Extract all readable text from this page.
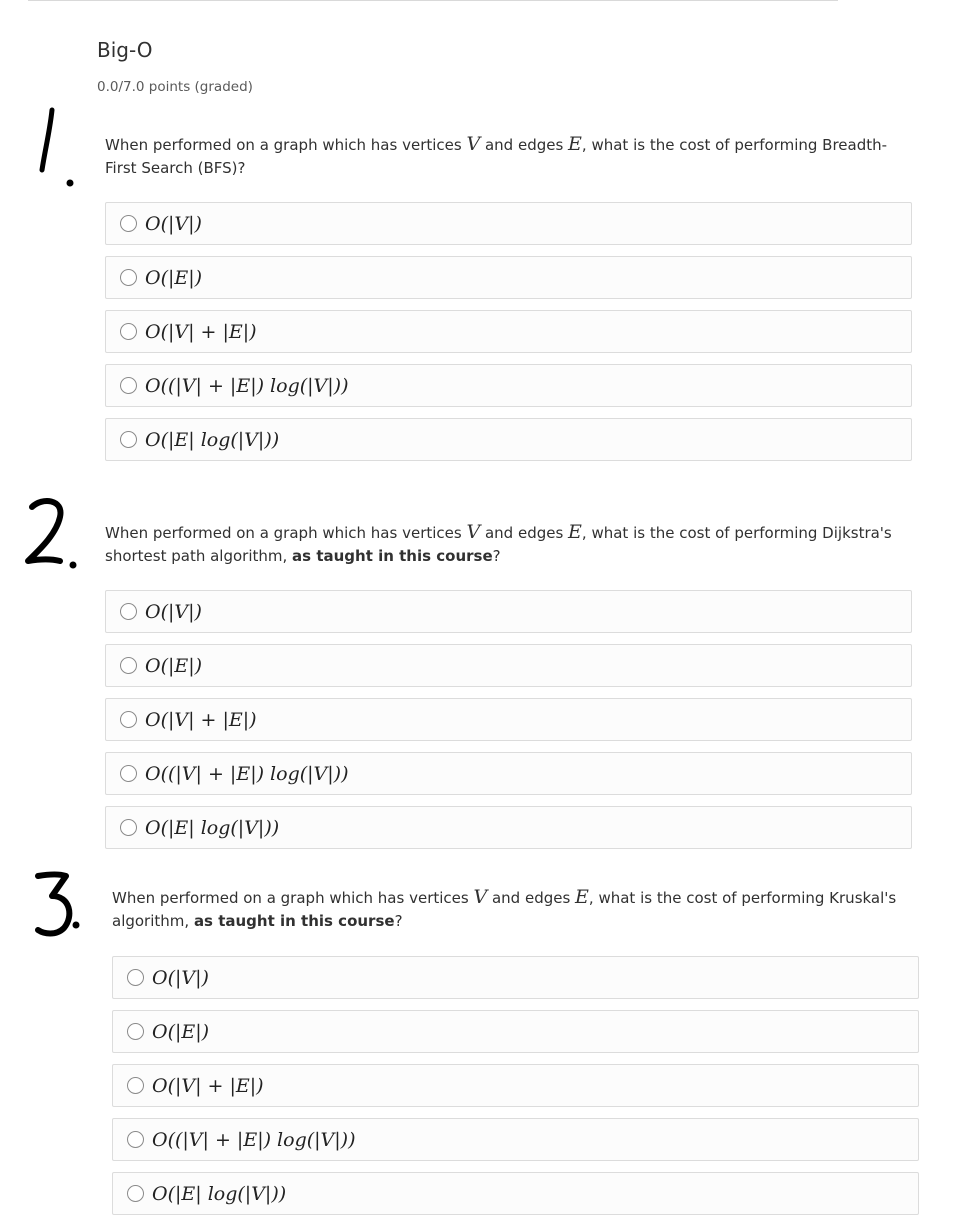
Big-O
0.0/7.0 points (graded)
When performed on a graph which has vertices V and edges E, what is the cost of performing Breadth-First Search (BFS)?
O(|V|)
O(|E|)
O(|V| + |E|)
O((|V| + |E|) log(|V|))
O(|E| log(|V|))
When performed on a graph which has vertices V and edges E, what is the cost of performing Dijkstra's shortest path algorithm, as taught in this course?
O(|V|)
O(|E|)
O(|V| + |E|)
O((|V| + |E|) log(|V|))
O(|E| log(|V|))
When performed on a graph which has vertices V and edges E, what is the cost of performing Kruskal's algorithm, as taught in this course?
O(|V|)
O(|E|)
O(|V| + |E|)
O((|V| + |E|) log(|V|))
O(|E| log(|V|))
